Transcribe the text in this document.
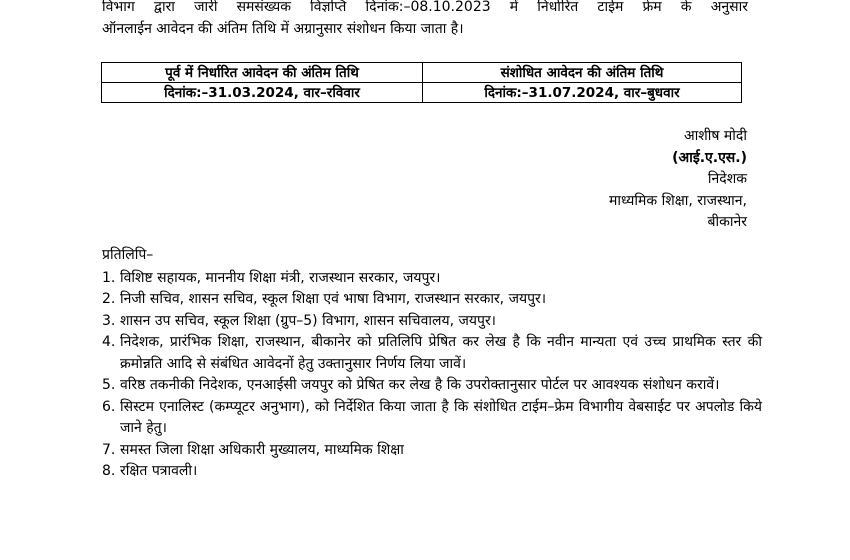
विभाग द्वारा जारी समसंख्यक विज्ञप्ति दिनांक:–08.10.2023 में निर्धारित टाईम फ्रेम के अनुसार
ऑनलाईन आवेदन की अंतिम तिथि में अग्रानुसार संशोधन किया जाता है।
पूर्व में निर्धारित आवेदन की अंतिम तिथि	संशोधित आवेदन की अंतिम तिथि
दिनांक:–31.03.2024, वार–रविवार	दिनांक:–31.07.2024, वार–बुधवार
आशीष मोदी
(आई.ए.एस.)
निदेशक
माध्यमिक शिक्षा, राजस्थान,
बीकानेर
प्रतिलिपि–
1. विशिष्ट सहायक, माननीय शिक्षा मंत्री, राजस्थान सरकार, जयपुर।
2. निजी सचिव, शासन सचिव, स्कूल शिक्षा एवं भाषा विभाग, राजस्थान सरकार, जयपुर।
3. शासन उप सचिव, स्कूल शिक्षा (ग्रुप–5) विभाग, शासन सचिवालय, जयपुर।
4. निदेशक, प्रारंभिक शिक्षा, राजस्थान, बीकानेर को प्रतिलिपि प्रेषित कर लेख है कि नवीन मान्यता एवं उच्च प्राथमिक स्तर की क्रमोन्नति आदि से संबंधित आवेदनों हेतु उक्तानुसार निर्णय लिया जावें।
5. वरिष्ठ तकनीकी निदेशक, एनआईसी जयपुर को प्रेषित कर लेख है कि उपरोक्तानुसार पोर्टल पर आवश्यक संशोधन करावें।
6. सिस्टम एनालिस्ट (कम्प्यूटर अनुभाग), को निर्देशित किया जाता है कि संशोधित टाईम–फ्रेम विभागीय वेबसाईट पर अपलोड किये जाने हेतु।
7. समस्त जिला शिक्षा अधिकारी मुख्यालय, माध्यमिक शिक्षा
8. रक्षित पत्रावली।
